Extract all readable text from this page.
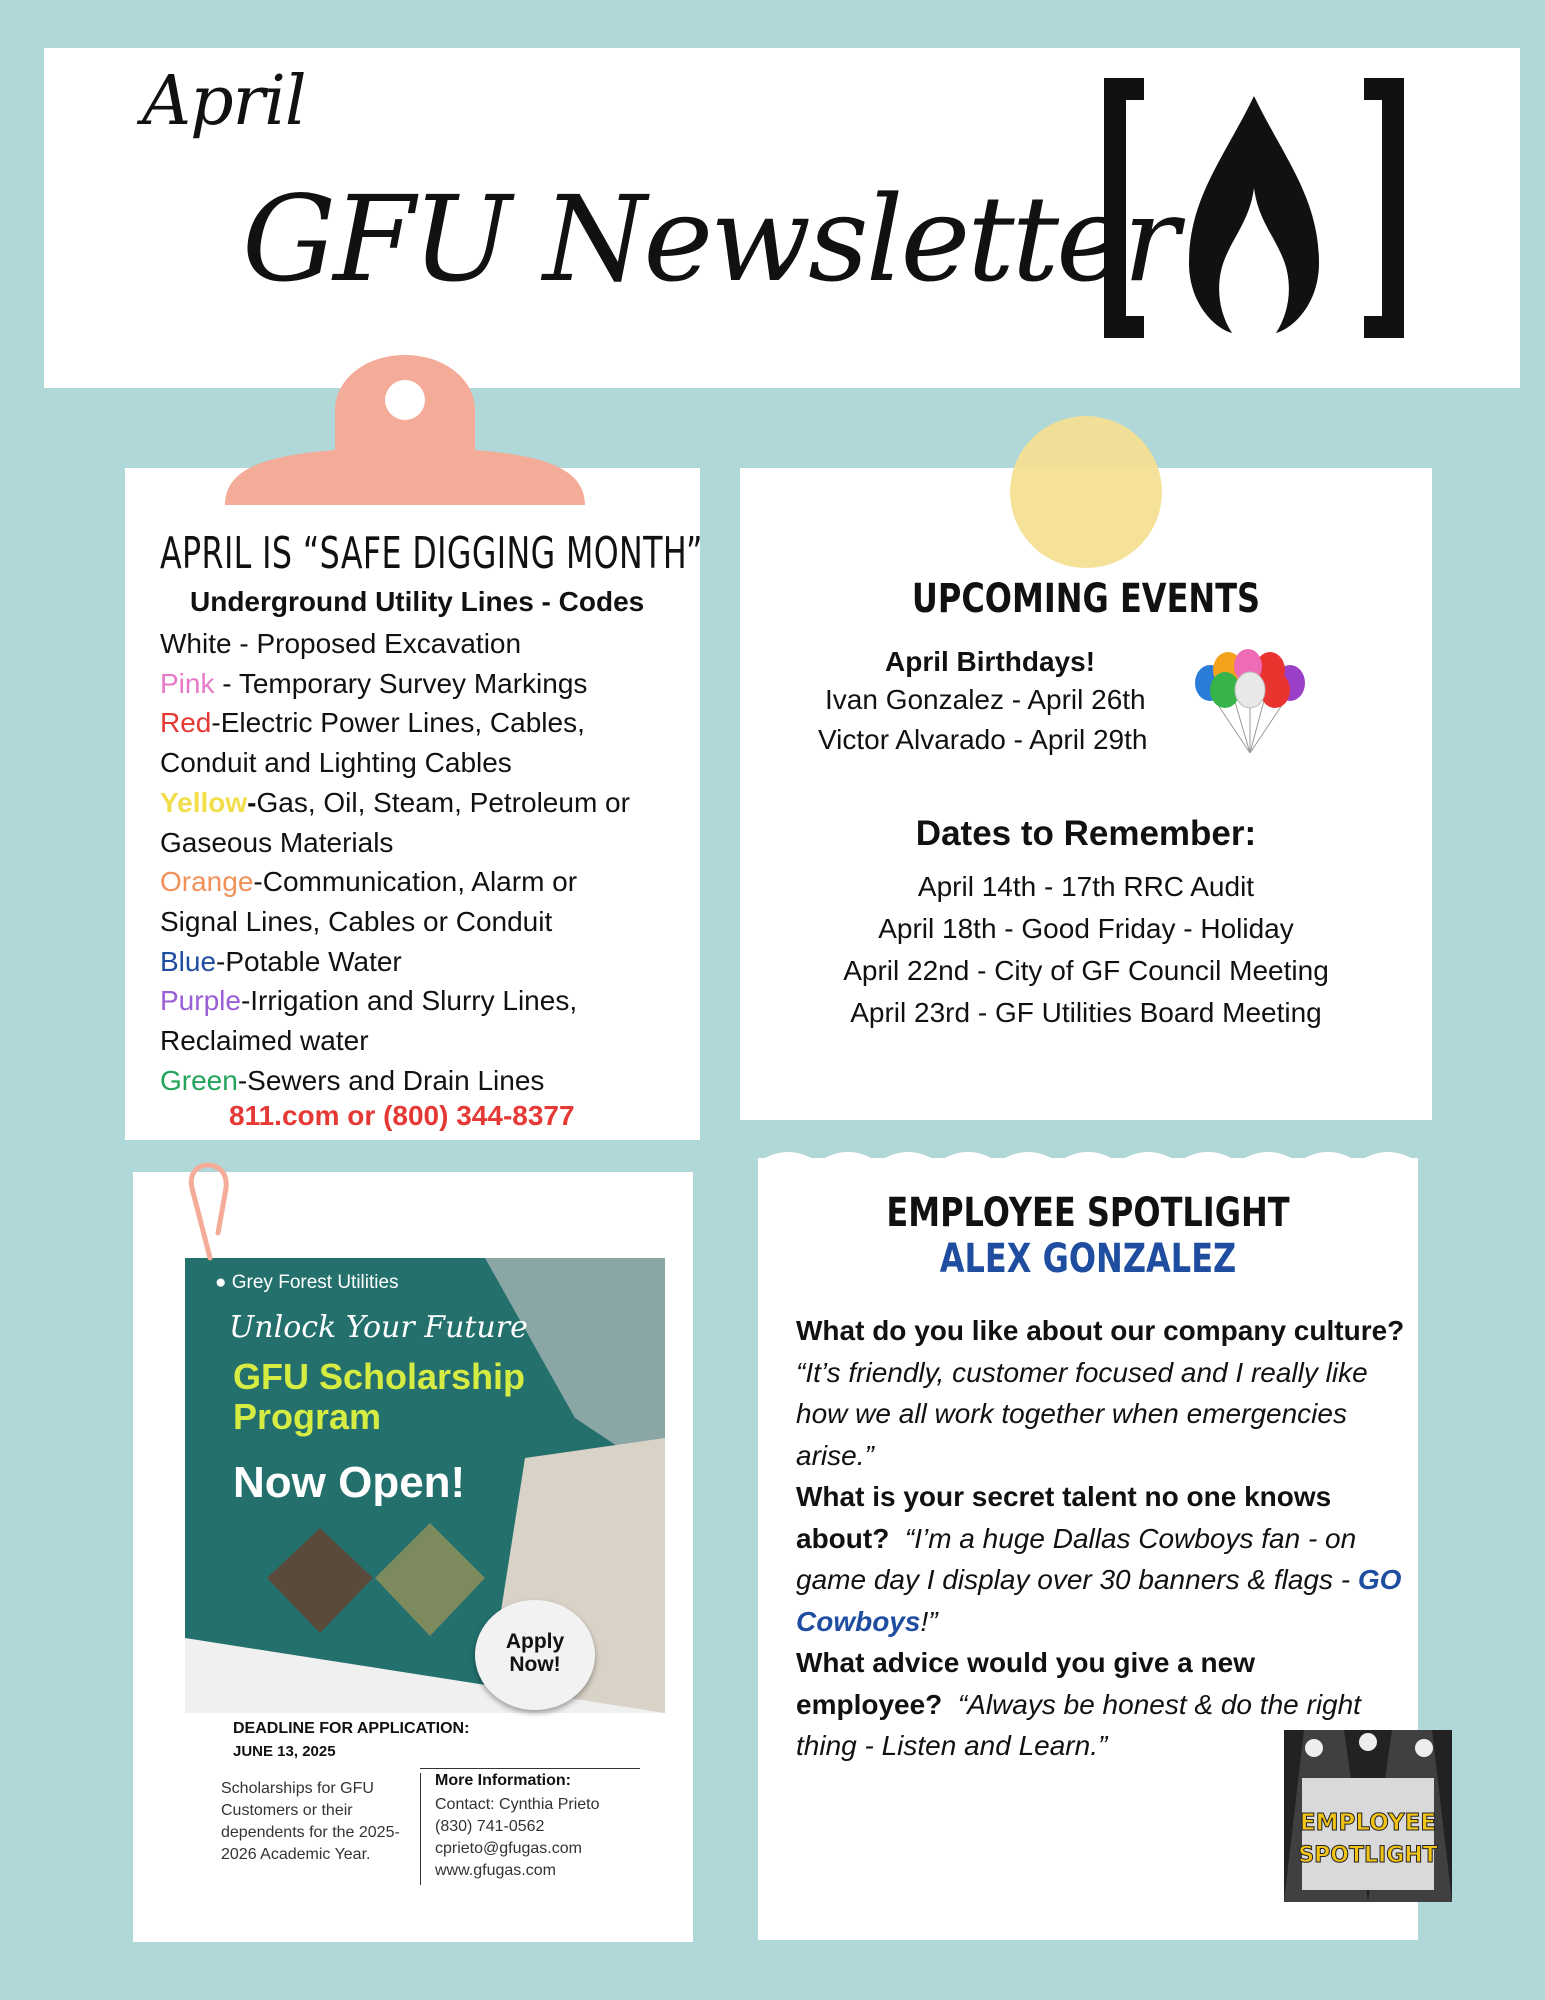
April
GFU Newsletter
APRIL IS “SAFE DIGGING MONTH”
Underground Utility Lines - Codes
White - Proposed Excavation
Pink - Temporary Survey Markings
Red-Electric Power Lines, Cables,
Conduit and Lighting Cables
Yellow-Gas, Oil, Steam, Petroleum or
Gaseous Materials
Orange-Communication, Alarm or
Signal Lines, Cables or Conduit
Blue-Potable Water
Purple-Irrigation and Slurry Lines,
Reclaimed water
Green-Sewers and Drain Lines
811.com or (800) 344-8377
UPCOMING EVENTS
April Birthdays!
Ivan Gonzalez - April 26th
Victor Alvarado - April 29th
Dates to Remember:
April 14th - 17th RRC Audit
April 18th - Good Friday - Holiday
April 22nd - City of GF Council Meeting
April 23rd - GF Utilities Board Meeting
● Grey Forest Utilities
Unlock Your Future
GFU Scholarship
Program
Now Open!
Apply
Now!
DEADLINE FOR APPLICATION:
JUNE 13, 2025
Scholarships for GFU Customers or their dependents for the 2025-2026 Academic Year.
More Information:
Contact: Cynthia Prieto
(830) 741-0562
cprieto@gfugas.com
www.gfugas.com
EMPLOYEE SPOTLIGHT
ALEX GONZALEZ
What do you like about our company culture?  “It’s friendly, customer focused and I really like how we all work together when emergencies arise.”
What is your secret talent no one knows about? “I’m a huge Dallas Cowboys fan - on game day I display over 30 banners & flags - GO Cowboys!”
What advice would you give a new employee? “Always be honest & do the right thing - Listen and Learn.”
EMPLOYEE
SPOTLIGHT
